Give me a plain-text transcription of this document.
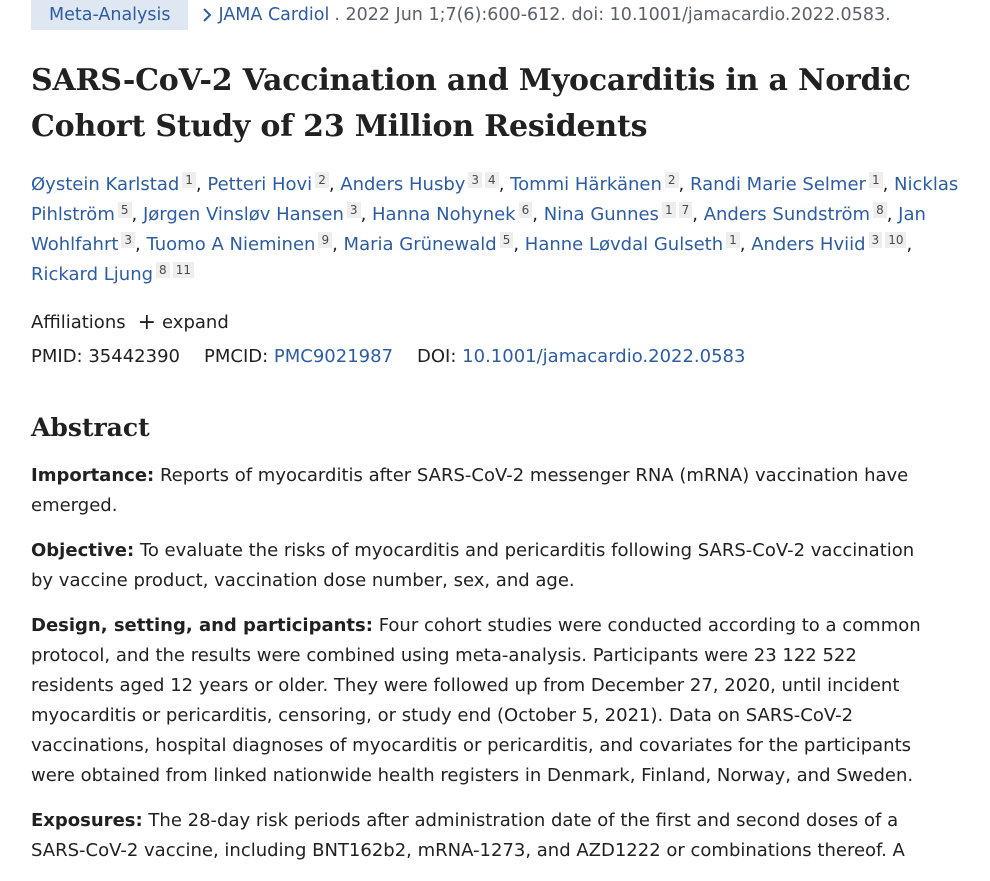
Meta-Analysis	JAMA Cardiol . 2022 Jun 1;7(6):600-612. doi: 10.1001/jamacardio.2022.0583.
SARS-CoV-2 Vaccination and Myocarditis in a Nordic Cohort Study of 23 Million Residents
Øystein Karlstad $^1$ , Petteri Hovi $^2$ , Anders Husby $^3$ $^4$ , Tommi Härkänen $^2$ , Randi Marie Selmer $^1$ , Nicklas Pihlström $^5$ , Jørgen Vinsløv Hansen $^3$ , Hanna Nohynek $^6$ , Nina Gunnes $^1$ $^7$ , Anders Sundström $^8$ , Jan Wohlfahrt $^3$ , Tuomo A Nieminen $^9$ , Maria Grünewald $^5$ , Hanne Løvdal Gulseth $^1$ , Anders Hviid $^3$ $^{10}$ , Rickard Ljung $^8$ $^{11}$
Affiliations + expand
PMID:
35442390 PMCID:
PMC9021987 DOI:
10.1001/jamacardio.2022.0583
Abstract

Importance: Reports of myocarditis after SARS-CoV-2 messenger RNA (mRNA) vaccination have emerged.

Objective: To evaluate the risks of myocarditis and pericarditis following SARS-CoV-2 vaccination by vaccine product, vaccination dose number, sex, and age.

Design, setting, and participants: Four cohort studies were conducted according to a common protocol, and the results were combined using meta-analysis. Participants were 23 122 522 residents aged 12 years or older. They were followed up from December 27, 2020, until incident myocarditis or pericarditis, censoring, or study end (October 5, 2021). Data on SARS-CoV-2 vaccinations, hospital diagnoses of myocarditis or pericarditis, and covariates for the participants were obtained from linked nationwide health registers in Denmark, Finland, Norway, and Sweden.

Exposures: The 28-day risk periods after administration date of the first and second doses of a SARS-CoV-2 vaccine, including BNT162b2, mRNA-1273, and AZD1222 or combinations thereof. A
